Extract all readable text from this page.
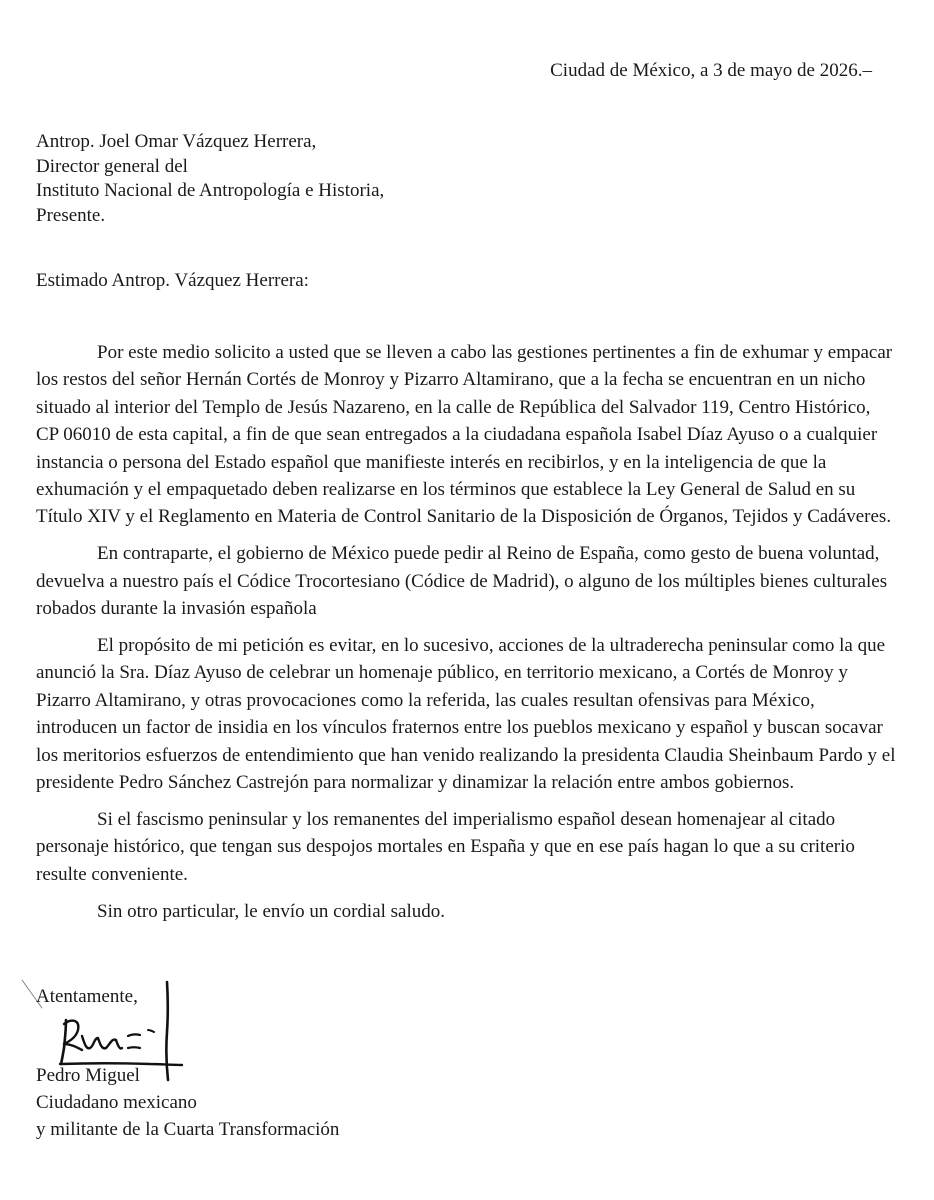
Ciudad de México, a 3 de mayo de 2026.–
Antrop. Joel Omar Vázquez Herrera,
Director general del
Instituto Nacional de Antropología e Historia,
Presente.
Estimado Antrop. Vázquez Herrera:

Por este medio solicito a usted que se lleven a cabo las gestiones pertinentes a fin de exhumar y empacar los restos del señor Hernán Cortés de Monroy y Pizarro Altamirano, que a la fecha se encuentran en un nicho situado al interior del Templo de Jesús Nazareno, en la calle de República del Salvador 119, Centro Histórico, CP 06010 de esta capital, a fin de que sean entregados a la ciudadana española Isabel Díaz Ayuso o a cualquier instancia o persona del Estado español que manifieste interés en recibirlos, y en la inteligencia de que la exhumación y el empaquetado deben realizarse en los términos que establece la Ley General de Salud en su Título XIV y el Reglamento en Materia de Control Sanitario de la Disposición de Órganos, Tejidos y Cadáveres.

En contraparte, el gobierno de México puede pedir al Reino de España, como gesto de buena voluntad, devuelva a nuestro país el Códice Trocortesiano (Códice de Madrid), o alguno de los múltiples bienes culturales robados durante la invasión española

El propósito de mi petición es evitar, en lo sucesivo, acciones de la ultraderecha peninsular como la que anunció la Sra. Díaz Ayuso de celebrar un homenaje público, en territorio mexicano, a Cortés de Monroy y Pizarro Altamirano, y otras provocaciones como la referida, las cuales resultan ofensivas para México, introducen un factor de insidia en los vínculos fraternos entre los pueblos mexicano y español y buscan socavar los meritorios esfuerzos de entendimiento que han venido realizando la presidenta Claudia Sheinbaum Pardo y el presidente Pedro Sánchez Castrejón para normalizar y dinamizar la relación entre ambos gobiernos.

Si el fascismo peninsular y los remanentes del imperialismo español desean homenajear al citado personaje histórico, que tengan sus despojos mortales en España y que en ese país hagan lo que a su criterio resulte conveniente.

Sin otro particular, le envío un cordial saludo.

Atentamente,
Pedro Miguel
Ciudadano mexicano
y militante de la Cuarta Transformación
